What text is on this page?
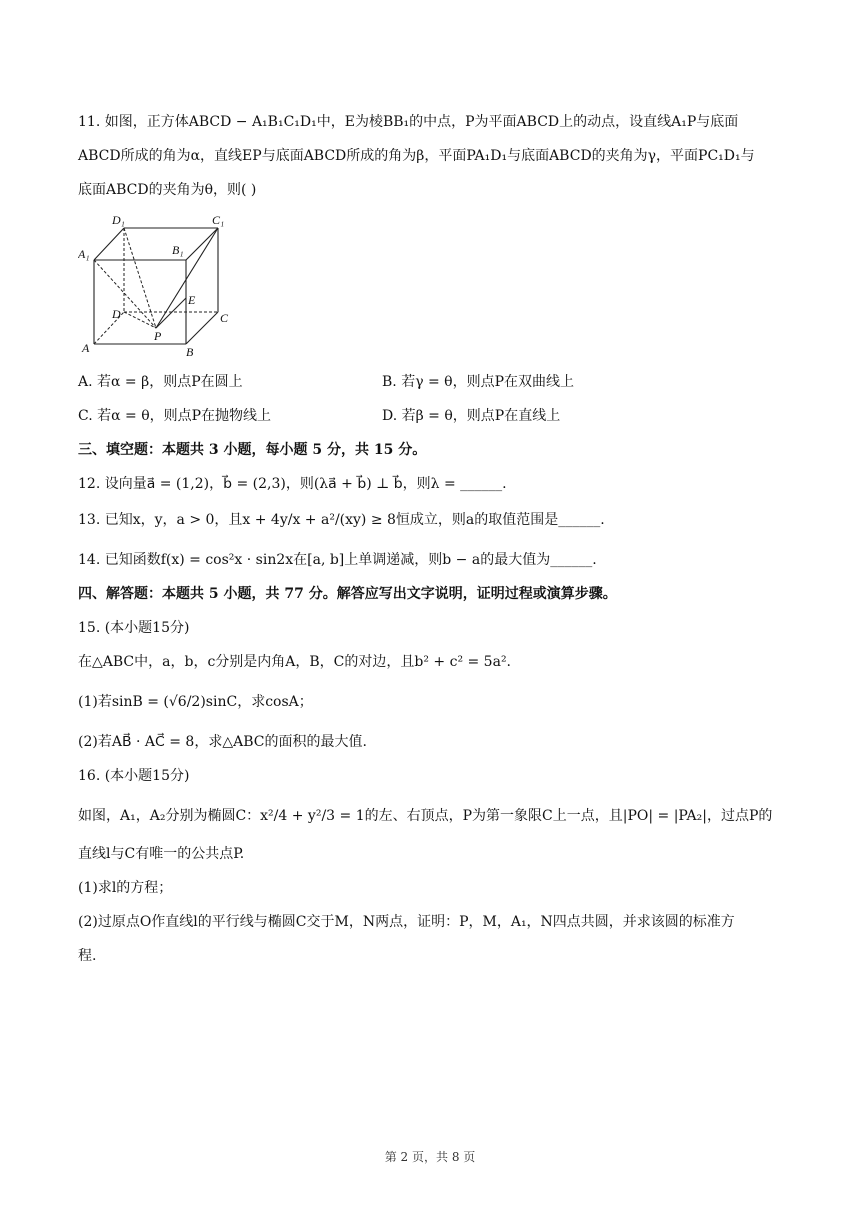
11. 如图，正方体ABCD − A₁B₁C₁D₁中，E为棱BB₁的中点，P为平面ABCD上的动点，设直线A₁P与底面
ABCD所成的角为α，直线EP与底面ABCD所成的角为β，平面PA₁D₁与底面ABCD的夹角为γ，平面PC₁D₁与
底面ABCD的夹角为θ，则( )
D₁	C₁
A₁	B₁
E
D	C
P
A	B
A. 若α = β，则点P在圆上	B. 若γ = θ，则点P在双曲线上
C. 若α = θ，则点P在抛物线上	D. 若β = θ，则点P在直线上
三、填空题：本题共 3 小题，每小题 5 分，共 15 分。
12. 设向量a⃗ = (1,2)，b⃗ = (2,3)，则(λa⃗ + b⃗) ⊥ b⃗，则λ = ______.
13. 已知x，y，a > 0，且x + 4y/x + a²/(xy) ≥ 8恒成立，则a的取值范围是______.
14. 已知函数f(x) = cos²x · sin2x在[a, b]上单调递减，则b − a的最大值为______.
四、解答题：本题共 5 小题，共 77 分。解答应写出文字说明，证明过程或演算步骤。
15. (本小题15分)
在△ABC中，a，b，c分别是内角A，B，C的对边，且b² + c² = 5a².
(1)若sinB = (√6/2)sinC，求cosA；
(2)若AB⃗ · AC⃗ = 8，求△ABC的面积的最大值.
16. (本小题15分)
如图，A₁，A₂分别为椭圆C：x²/4 + y²/3 = 1的左、右顶点，P为第一象限C上一点，且|PO| = |PA₂|，过点P的
直线l与C有唯一的公共点P.
(1)求l的方程；
(2)过原点O作直线l的平行线与椭圆C交于M，N两点，证明：P，M，A₁，N四点共圆，并求该圆的标准方
程.
第 2 页，共 8 页
